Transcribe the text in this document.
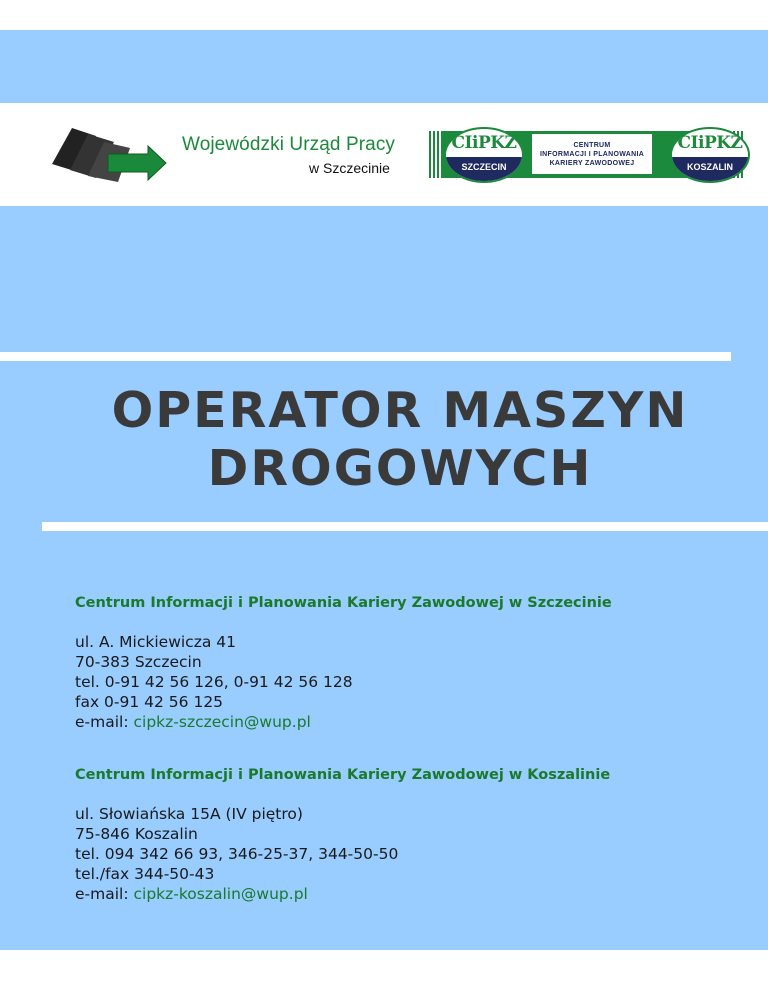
Wojewódzki Urząd Pracy
w Szczecinie
CIiPKZ
SZCZECIN
CENTRUM
INFORMACJI I PLANOWANIA
KARIERY ZAWODOWEJ
CIiPKZ
KOSZALIN
OPERATOR MASZYN
DROGOWYCH
Centrum Informacji i Planowania Kariery Zawodowej w Szczecinie
ul. A. Mickiewicza 41
70-383 Szczecin
tel. 0-91 42 56 126, 0-91 42 56 128
fax 0-91 42 56 125
e-mail: cipkz-szczecin@wup.pl
Centrum Informacji i Planowania Kariery Zawodowej w Koszalinie
ul. Słowiańska 15A (IV piętro)
75-846 Koszalin
tel. 094 342 66 93, 346-25-37, 344-50-50
tel./fax 344-50-43
e-mail: cipkz-koszalin@wup.pl
